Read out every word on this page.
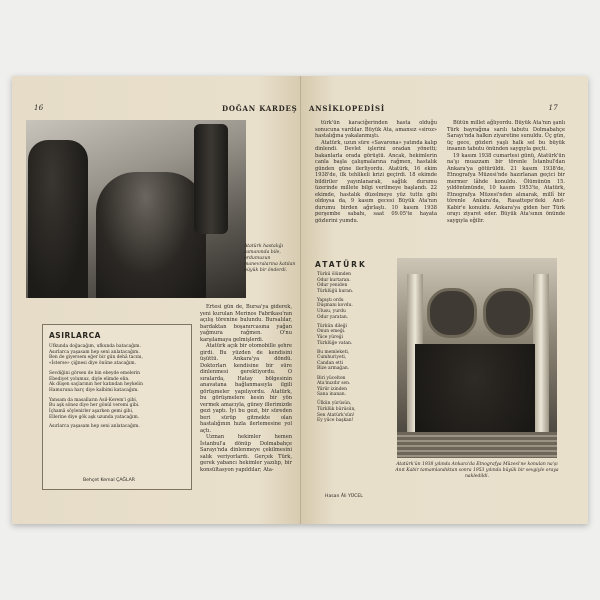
16	DOĞAN KARDEŞ
Atatürk hastalığı zamanında bile, ordumuzun manevralarına katılan büyük bir önderdi.
ASIRLARCA
Ufkunda doğacağım, ufkunda batacağım.
Asırlarca yaşasam hep seni anlatacağım.
Ben de giyersem eğer bir gün dehâ tacını,
«İsterse» çiğnesi diye önüne atacağım.
Sevdiğini görsen de bin ebeyde emelerin
Ebediyet yolumuz, diyle elimde elin.
Ak düşen saçlarının her katından heykelin
Hamuruna harç diye kalbimi katacağım.
Yansam da masalların Asil-Kerem'i gibi,
Bu aşk sönez diye her gönül veremi gibi.
İçhamâ söylenirler aşarken gemi gibi,
Ellerine diye gök aşk uzunda yatacağım.
Asırlarca yaşasam hep seni anlatacağım.
Behçet Kemal ÇAĞLAR

Ertesi gün de, Bursa'ya giderek, yeni kurulan Merinos Fabrikası'nın açılış törenine bulundu. Bursalılar, bardaktan boşanırcasına yağan yağmura rağmen. O'nu karşılamaya gelmişlerdi.

Atatürk açık bir otomobille şehre girdi. Bu yüzden de kendisini üşüttü. Ankara'ya döndü. Doktorları kendisine bir süre dinlenmesi gerektiyordu. O sıralarda, Hatay bölgesinin anavatana bağlanmasıyla ilgili görüşmeler yapılıyordu. Atatürk, bu görüşmelere kesin bir yön vermek amacıyla, güney illerimizde gezi yaptı. İyi bu gezi, bir süreden beri sürüp gitmekte olan hastalığının hızla ilerlemesine yol açtı.

Uzman hekimler hemen İstanbul'a dönüp Dolmabahçe Sarayı'nda dinlenmeye çekilmesini salık veriyorlardı. Gerçek Türk, gerek yabancı hekimler yazılıp, bir konsültasyon yapıldılar; Ata-

ANSİKLOPEDİSİ	17

türk'ün karaciğerinden hasta olduğu sonucuna vardılar. Büyük Ata, amansız «siroz» hastalığına yakalanmıştı.

Atatürk, uzun süre «Savarona» yatında kalıp dinlendi. Devlet işlerini oradan yönetti; bakanlarla orada görüştü. Ancak, hekimlerin canla başla çalışmalarına rağmen, hastalık günden güne ilerliyordu. Atatürk, 16 ekim 1938'de, ilk tehlikeli krizi geçirdi. 18 ekimde bildiriler yayınlanarak, sağlık durumu üzerinde millete bilgi verilmeye başlandı. 22 ekimde, hastalık düzelmeye yüz tuttu gibi oldoysa da, 9 kasım gecesi Büyük Ata'nın durumu birden ağırlaştı. 10 kasım 1938 perşembe sabahı, saat 09.05'te hayata gözlerini yumdu.

Bütün millet ağlıyordu. Büyük Ata'nın şanlı Türk bayrağına sarılı tabutu Dolmabahçe Sarayı'nda halkın ziyaretine sunuldu. Üç gün, üç gece, gözleri yaşlı halk sel bu büyük insanın tabutu önünden saygıyla geçti.

19 kasım 1938 cumartesi günü, Atatürk'ün na'şı muazzam bir törenle İstanbul'dan Ankara'ya götürüldü. 21 kasım 1938'de, Etnografya Müzesi'nde hazırlanan geçici bir mermer lâhde konuldu. Ölümünün 15. yıldönümünde, 10 kasım 1953'te, Atatürk, Etnografya Müzesi'nden alınarak, millî bir törenle Ankara'da, Rasattepe'deki Anıt-Kabir'e konuldu. Ankara'ya giden her Türk orayı ziyaret eder. Büyük Ata'sının önünde saygıyla eğilir.

ATATÜRK
Türkü ölümden
Odur kurtaran.
Odur yeniden
Türklüğü kuran.
Yapıştı ordu
Düşmanı kovdu.
Ulusu, yurdu
Odur yaratan.
Türkün dileği
Onun emeği.
Yüce yüreği
Türklüğe vatan.
Bu memleketi,
Cumhuriyeti,
Candan etti
Bize armağan.
Biri yücelten
Ata'mızdır sen.
Yürür izinden
Sana inanan.
Ülkün yürüsün,
Türklük bürüsün,
Sen Atatürk'sün!
Ey yüce başkan!
Hasan Âli YÜCEL
Atatürk'ün 1938 yılında Ankara'da Etnografya Müzesi'ne konulan na'şı Anıt Kabir tamamlandıktan sonra 1953 yılında büyük bir sevgiyle oraya nakledildi.
